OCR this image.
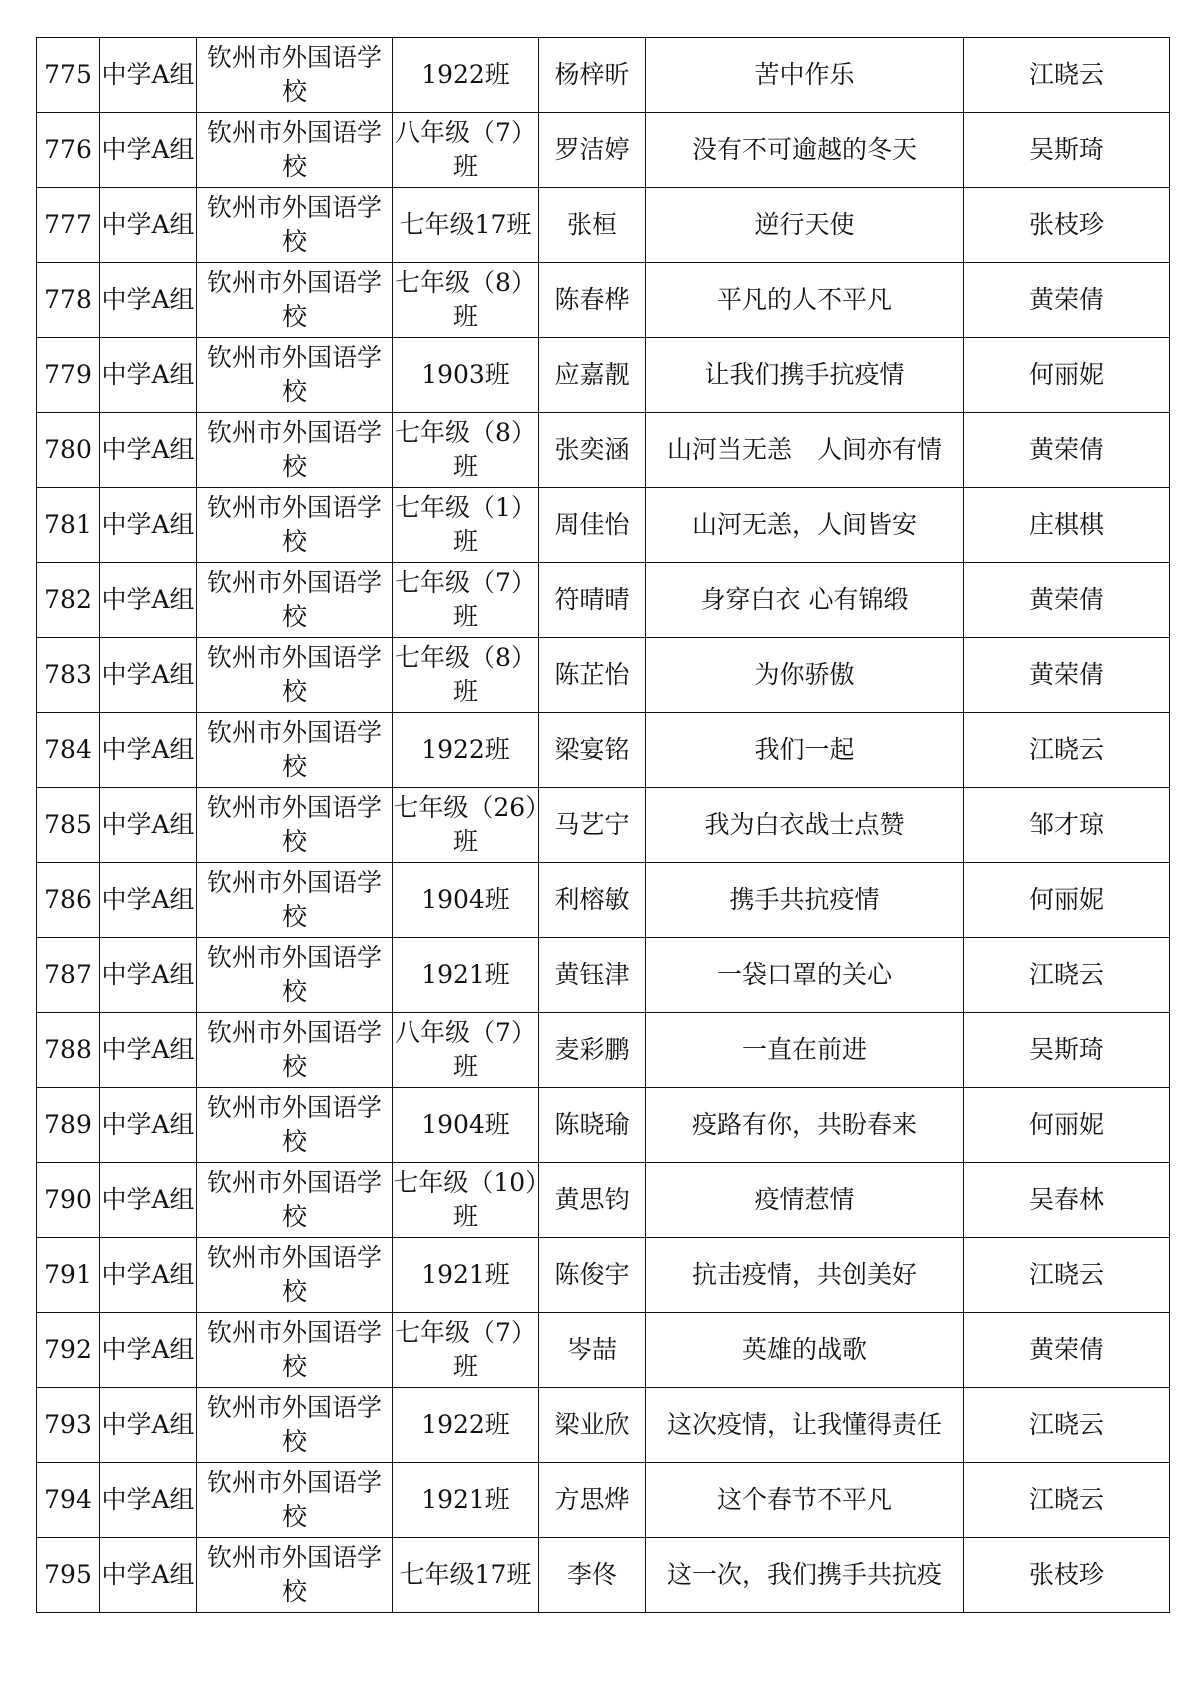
775	中学A组	钦州市外国语学校	1922班	杨梓昕	苦中作乐	江晓云
776	中学A组	钦州市外国语学校	八年级（7）班	罗洁婷	没有不可逾越的冬天	吴斯琦
777	中学A组	钦州市外国语学校	七年级17班	张桓	逆行天使	张枝珍
778	中学A组	钦州市外国语学校	七年级（8）班	陈春桦	平凡的人不平凡	黄荣倩
779	中学A组	钦州市外国语学校	1903班	应嘉靓	让我们携手抗疫情	何丽妮
780	中学A组	钦州市外国语学校	七年级（8）班	张奕涵	山河当无恙　人间亦有情	黄荣倩
781	中学A组	钦州市外国语学校	七年级（1）班	周佳怡	山河无恙，人间皆安	庄棋棋
782	中学A组	钦州市外国语学校	七年级（7）班	符晴晴	身穿白衣 心有锦缎	黄荣倩
783	中学A组	钦州市外国语学校	七年级（8）班	陈芷怡	为你骄傲	黄荣倩
784	中学A组	钦州市外国语学校	1922班	梁宴铭	我们一起	江晓云
785	中学A组	钦州市外国语学校	七年级（26）班	马艺宁	我为白衣战士点赞	邹才琼
786	中学A组	钦州市外国语学校	1904班	利榕敏	携手共抗疫情	何丽妮
787	中学A组	钦州市外国语学校	1921班	黄钰津	一袋口罩的关心	江晓云
788	中学A组	钦州市外国语学校	八年级（7）班	麦彩鹏	一直在前进	吴斯琦
789	中学A组	钦州市外国语学校	1904班	陈晓瑜	疫路有你，共盼春来	何丽妮
790	中学A组	钦州市外国语学校	七年级（10）班	黄思钧	疫情惹情	吴春林
791	中学A组	钦州市外国语学校	1921班	陈俊宇	抗击疫情，共创美好	江晓云
792	中学A组	钦州市外国语学校	七年级（7）班	岑喆	英雄的战歌	黄荣倩
793	中学A组	钦州市外国语学校	1922班	梁业欣	这次疫情，让我懂得责任	江晓云
794	中学A组	钦州市外国语学校	1921班	方思烨	这个春节不平凡	江晓云
795	中学A组	钦州市外国语学校	七年级17班	李佟	这一次，我们携手共抗疫	张枝珍
